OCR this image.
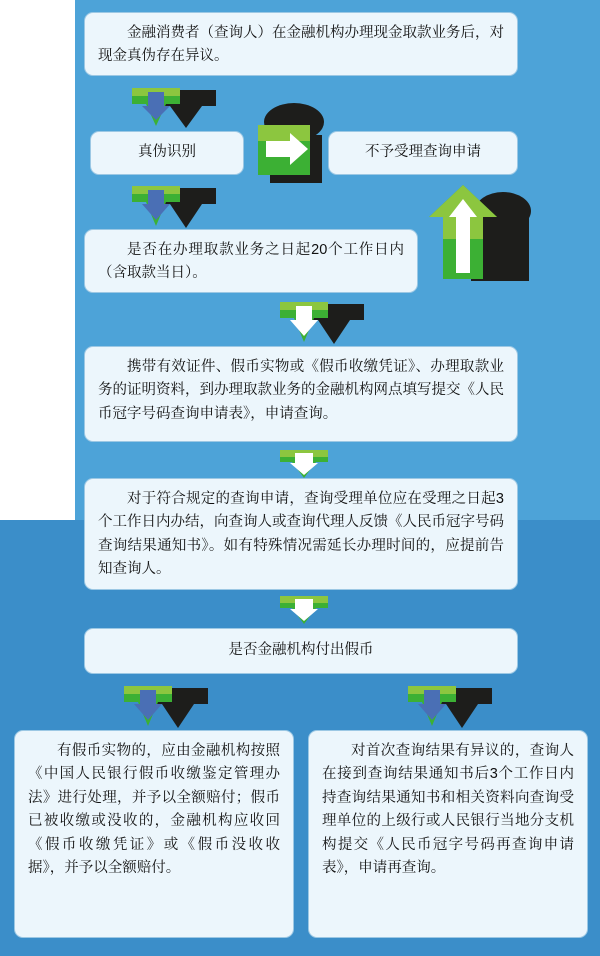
金融消费者（查询人）在金融机构办理现金取款业务后，对现金真伪存在异议。
真伪识别	不予受理查询申请
是否在办理取款业务之日起20个工作日内（含取款当日）。
携带有效证件、假币实物或《假币收缴凭证》、办理取款业务的证明资料，到办理取款业务的金融机构网点填写提交《人民币冠字号码查询申请表》，申请查询。
对于符合规定的查询申请，查询受理单位应在受理之日起3个工作日内办结，向查询人或查询代理人反馈《人民币冠字号码查询结果通知书》。如有特殊情况需延长办理时间的，应提前告知查询人。
是否金融机构付出假币
有假币实物的，应由金融机构按照《中国人民银行假币收缴鉴定管理办法》进行处理，并予以全额赔付；假币已被收缴或没收的，金融机构应收回《假币收缴凭证》或《假币没收收据》，并予以全额赔付。
对首次查询结果有异议的，查询人在接到查询结果通知书后3个工作日内持查询结果通知书和相关资料向查询受理单位的上级行或人民银行当地分支机构提交《人民币冠字号码再查询申请表》，申请再查询。
